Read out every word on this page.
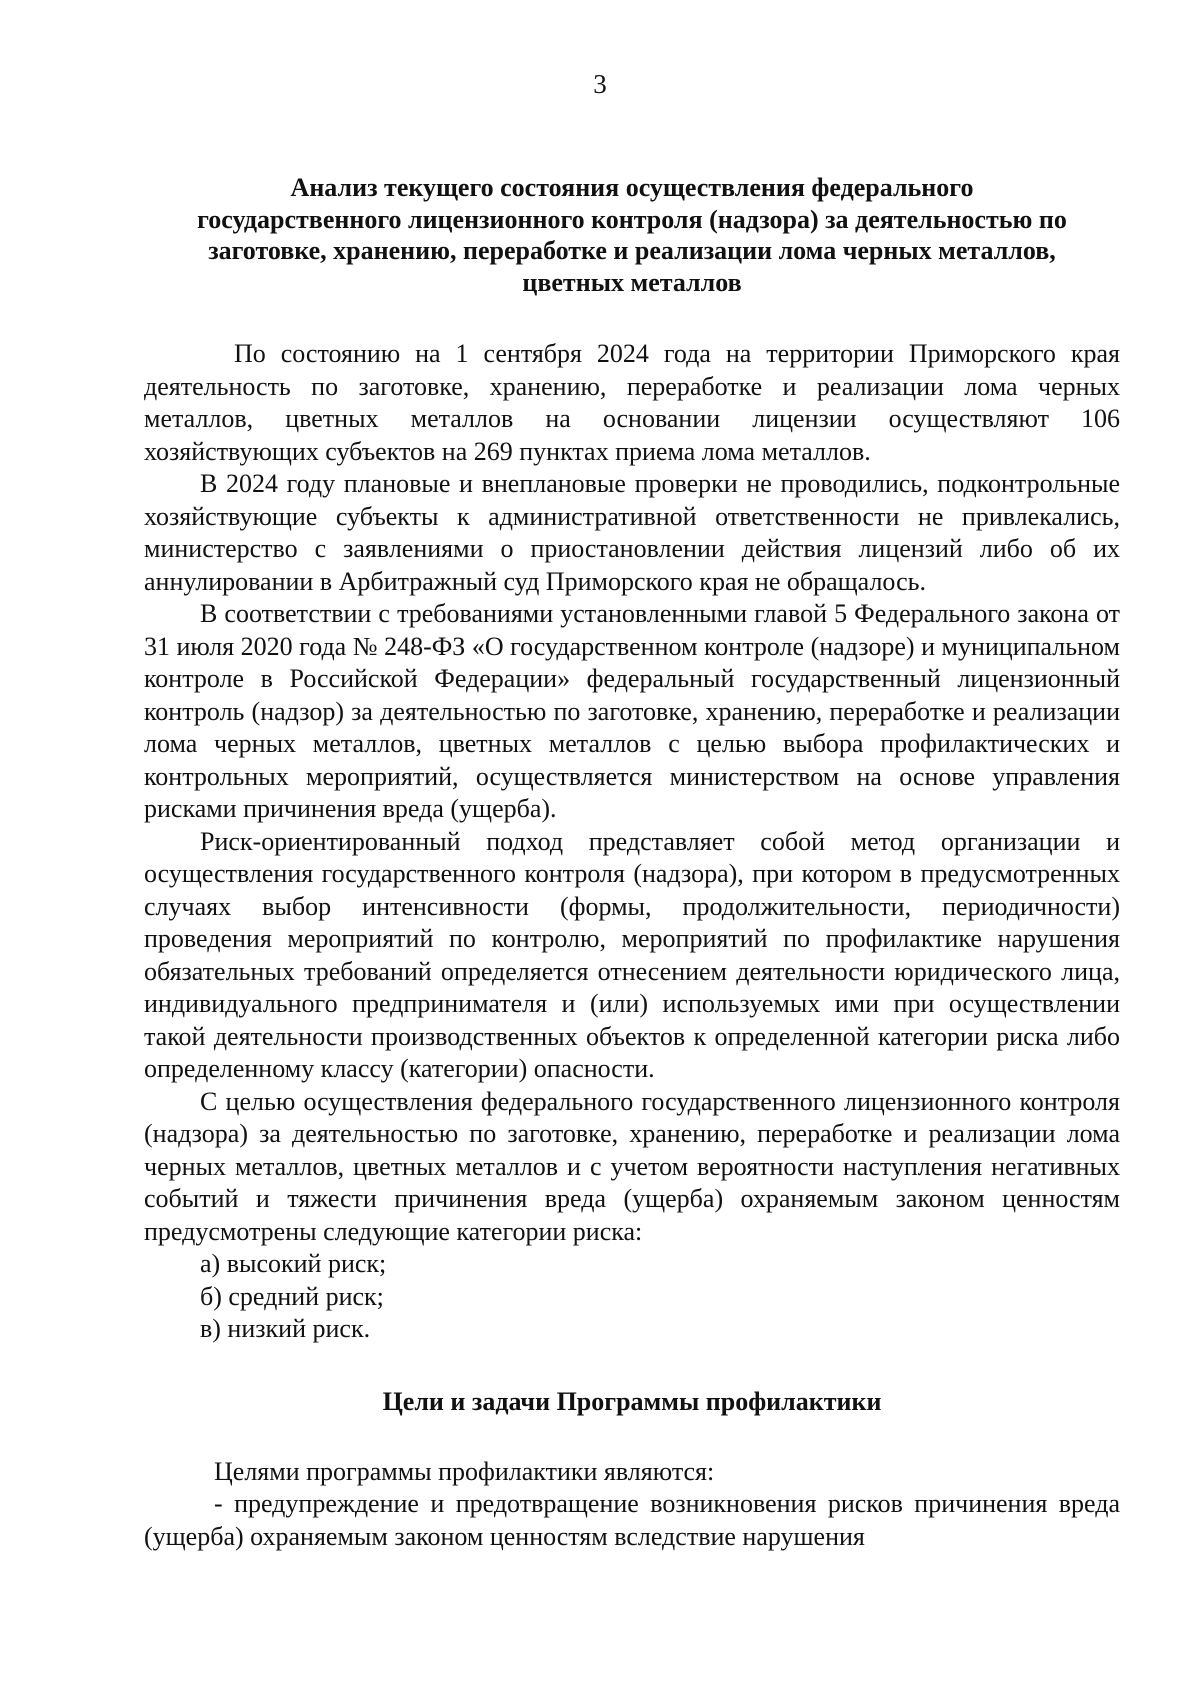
3
Анализ текущего состояния осуществления федерального
государственного лицензионного контроля (надзора) за деятельностью по
заготовке, хранению, переработке и реализации лома черных металлов,
цветных металлов

По состоянию на 1 сентября 2024 года на территории Приморского края деятельность по заготовке, хранению, переработке и реализации лома черных металлов, цветных металлов на основании лицензии осуществляют 106 хозяйствующих субъектов на 269 пунктах приема лома металлов.

В 2024 году плановые и внеплановые проверки не проводились, подконтрольные хозяйствующие субъекты к административной ответственности не привлекались, министерство с заявлениями о приостановлении действия лицензий либо об их аннулировании в Арбитражный суд Приморского края не обращалось.

В соответствии с требованиями установленными главой 5 Федерального закона от 31 июля 2020 года № 248-ФЗ «О государственном контроле (надзоре) и муниципальном контроле в Российской Федерации» федеральный государственный лицензионный контроль (надзор) за деятельностью по заготовке, хранению, переработке и реализации лома черных металлов, цветных металлов с целью выбора профилактических и контрольных мероприятий, осуществляется министерством на основе управления рисками причинения вреда (ущерба).

Риск-ориентированный подход представляет собой метод организации и осуществления государственного контроля (надзора), при котором в предусмотренных случаях выбор интенсивности (формы, продолжительности, периодичности) проведения мероприятий по контролю, мероприятий по профилактике нарушения обязательных требований определяется отнесением деятельности юридического лица, индивидуального предпринимателя и (или) используемых ими при осуществлении такой деятельности производственных объектов к определенной категории риска либо определенному классу (категории) опасности.

С целью осуществления федерального государственного лицензионного контроля (надзора) за деятельностью по заготовке, хранению, переработке и реализации лома черных металлов, цветных металлов и с учетом вероятности наступления негативных событий и тяжести причинения вреда (ущерба) охраняемым законом ценностям предусмотрены следующие категории риска:

а) высокий риск;

б) средний риск;

в) низкий риск.

Цели и задачи Программы профилактики

Целями программы профилактики являются:

- предупреждение и предотвращение возникновения рисков причинения вреда (ущерба) охраняемым законом ценностям вследствие нарушения
